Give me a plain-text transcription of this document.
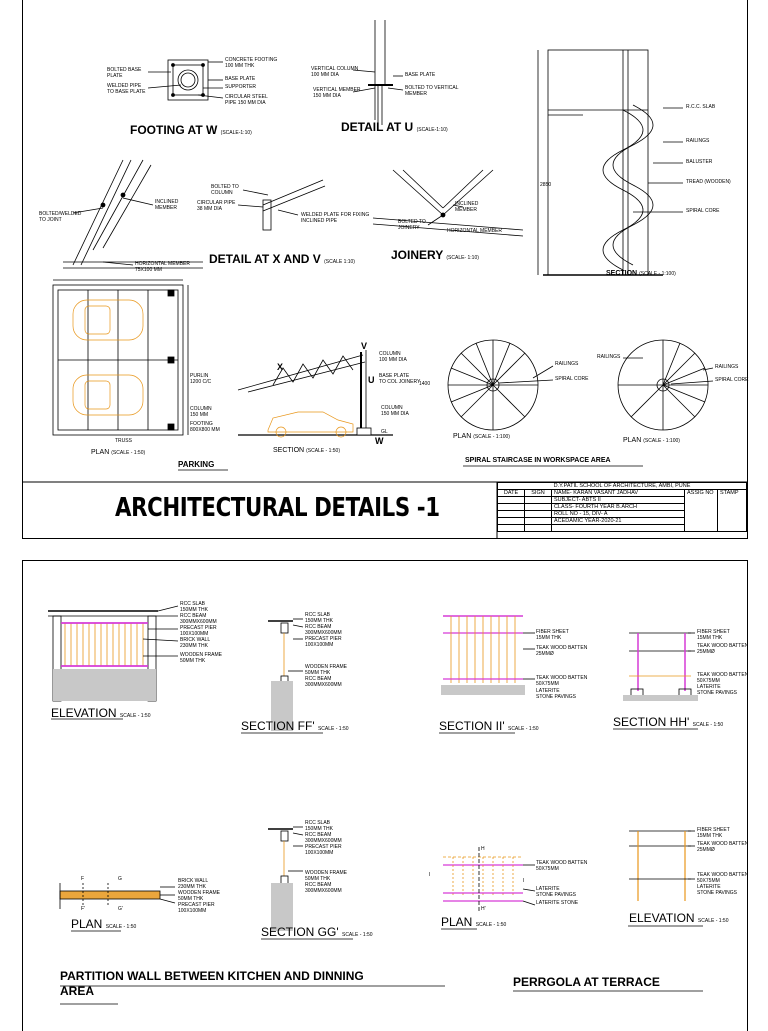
FOOTING AT W (SCALE-1:10)
BOLTED BASE
PLATE
WELDED PIPE
TO BASE PLATE
CONCRETE FOOTING
100 MM THK
BASE PLATE
SUPPORTER
CIRCULAR STEEL
PIPE 150 MM DIA
DETAIL AT U (SCALE-1:10)
VERTICAL COLUMN
100 MM DIA
VERTICAL MEMBER
150 MM DIA
BASE PLATE
BOLTED TO VERTICAL
MEMBER
BOLTED/WELDED
TO JOINT
INCLINED
MEMBER
HORIZONTAL MEMBER
75X100 MM
BOLTED TO
COLUMN
CIRCULAR PIPE
38 MM DIA
WELDED PLATE FOR FIXING
INCLINED PIPE
DETAIL AT X AND V (SCALE 1:10)
INCLINED
MEMBER
BOLTED TO
JOINERY
HORIZONTAL MEMBER
JOINERY (SCALE- 1:10)
R.C.C. SLAB
RAILINGS
BALUSTER
TREAD (WOODEN)
SPIRAL CORE
2850
SECTION (SCALE - 1:100)
PURLIN
1200 C/C
COLUMN
150 MM
FOOTING
800X800 MM
TRUSS
PLAN (SCALE - 1:50)
V
X
U
W
COLUMN
100 MM DIA
BASE PLATE
TO COL JOINERY
COLUMN
150 MM DIA
GL
SECTION (SCALE - 1:50)
RAILINGS
SPIRAL CORE
1400
PLAN (SCALE - 1:100)
RAILINGS
RAILINGS
SPIRAL CORE
PLAN (SCALE - 1:100)
PARKING	SPIRAL STAIRCASE IN WORKSPACE AREA
ARCHITECTURAL DETAILS -1
D.Y.PATIL SCHOOL OF ARCHITECTURE, AMBI, PUNE				
DATE	SIGN	NAME- KARAN VASANT JADHAV	ASSIG NO	STAMP
		SUBJECT- ABTS II		
		CLASS- FOURTH YEAR B.ARCH		
		ROLL NO - 15, DIV- A		
		ACEDAMIC YEAR-2020-21		

RCC SLAB
150MM THK
RCC BEAM
300MMX600MM
PRECAST PIER
100X100MM
BRICK WALL
230MM THK
WOODEN FRAME
50MM THK
ELEVATION SCALE - 1:50
RCC SLAB
150MM THK
RCC BEAM
300MMX600MM
PRECAST PIER
100X100MM
WOODEN FRAME
50MM THK
RCC BEAM
300MMX600MM
SECTION FF' SCALE - 1:50
FIBER SHEET
15MM THK
TEAK WOOD BATTEN
25MMØ
TEAK WOOD BATTEN
50X75MM
LATERITE
STONE PAVINGS
SECTION II' SCALE - 1:50
FIBER SHEET
15MM THK
TEAK WOOD BATTEN
25MMØ
TEAK WOOD BATTEN
50X75MM
LATERITE
STONE PAVINGS
SECTION HH' SCALE - 1:50
F	G
F'	G'
BRICK WALL
230MM THK
WOODEN FRAME
50MM THK
PRECAST PIER
100X100MM
PLAN SCALE - 1:50
RCC SLAB
150MM THK
RCC BEAM
300MMX600MM
PRECAST PIER
100X100MM
WOODEN FRAME
50MM THK
RCC BEAM
300MMX600MM
SECTION GG' SCALE - 1:50
H
I
I
H'
TEAK WOOD BATTEN
50X75MM
LATERITE
STONE PAVINGS
LATERITE STONE
PLAN SCALE - 1:50
FIBER SHEET
15MM THK
TEAK WOOD BATTEN
25MMØ
TEAK WOOD BATTEN
50X75MM
LATERITE
STONE PAVINGS
ELEVATION SCALE - 1:50
PARTITION WALL BETWEEN KITCHEN AND DINNING
AREA
PERRGOLA AT TERRACE
